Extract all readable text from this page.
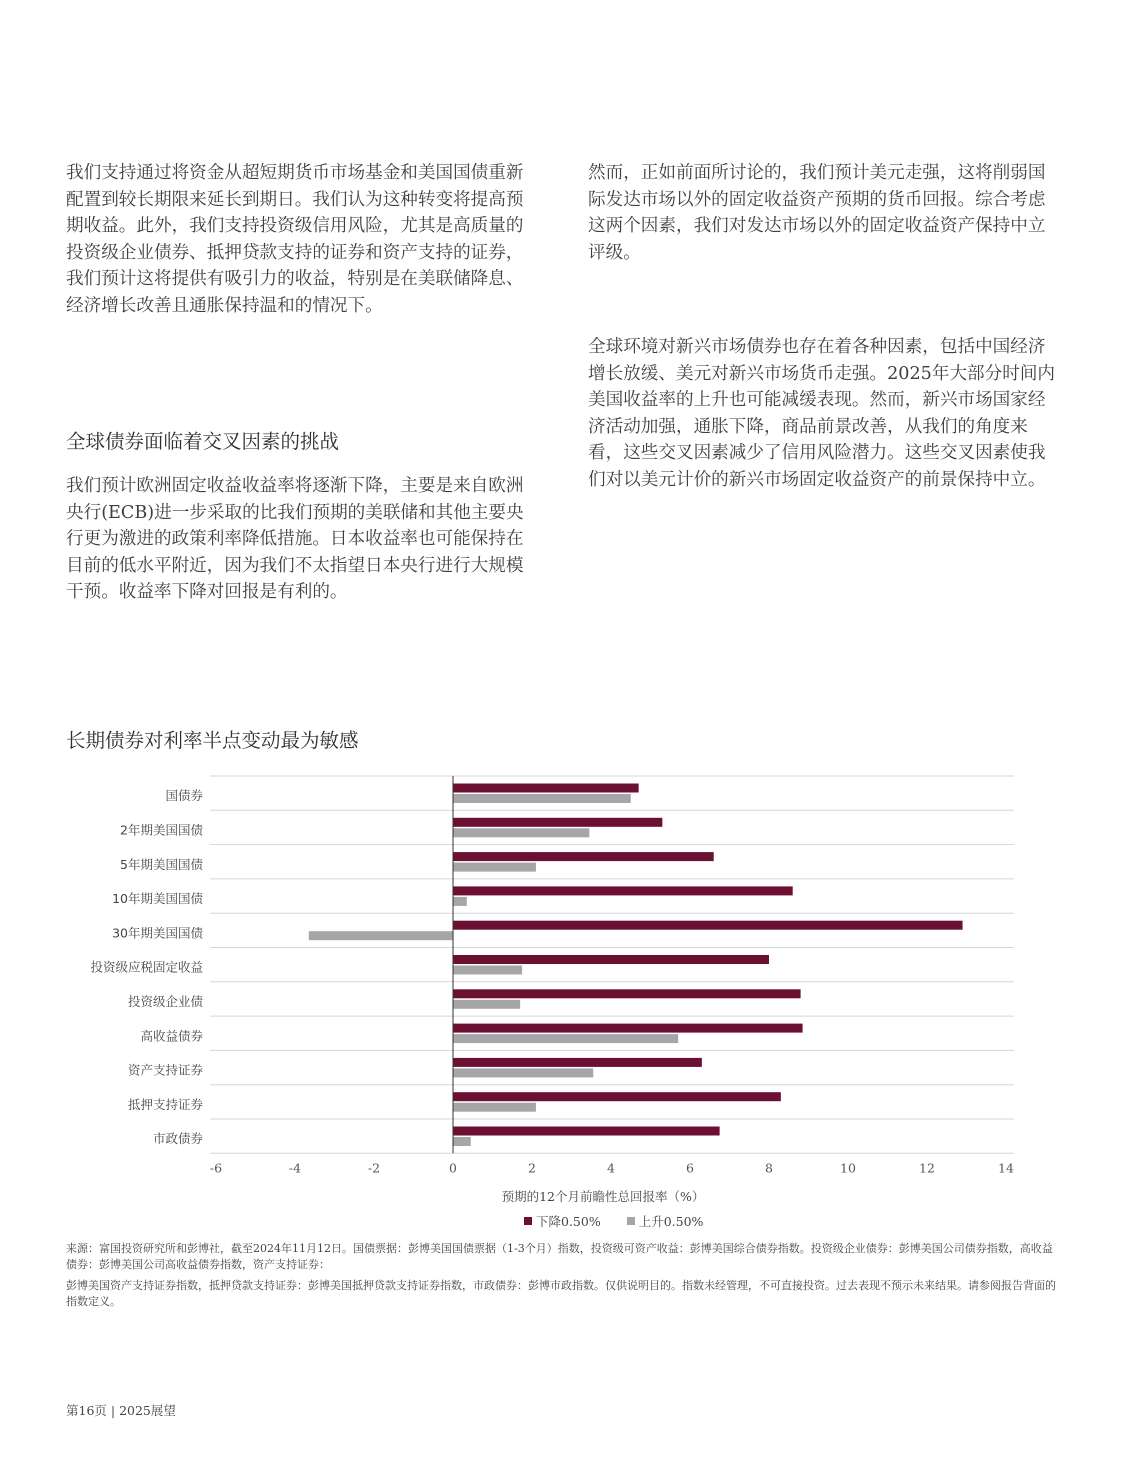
我们支持通过将资金从超短期货币市场基金和美国国债重新配置到较长期限来延长到期日。我们认为这种转变将提高预期收益。此外，我们支持投资级信用风险，尤其是高质量的投资级企业债券、抵押贷款支持的证券和资产支持的证券，我们预计这将提供有吸引力的收益，特别是在美联储降息、经济增长改善且通胀保持温和的情况下。

全球债券面临着交叉因素的挑战

我们预计欧洲固定收益收益率将逐渐下降，主要是来自欧洲央行(ECB)进一步采取的比我们预期的美联储和其他主要央行更为激进的政策利率降低措施。日本收益率也可能保持在目前的低水平附近，因为我们不太指望日本央行进行大规模干预。收益率下降对回报是有利的。

然而，正如前面所讨论的，我们预计美元走强，这将削弱国际发达市场以外的固定收益资产预期的货币回报。综合考虑这两个因素，我们对发达市场以外的固定收益资产保持中立评级。

全球环境对新兴市场债券也存在着各种因素，包括中国经济增长放缓、美元对新兴市场货币走强。2025年大部分时间内美国收益率的上升也可能减缓表现。然而，新兴市场国家经济活动加强，通胀下降，商品前景改善，从我们的角度来看，这些交叉因素减少了信用风险潜力。这些交叉因素使我们对以美元计价的新兴市场固定收益资产的前景保持中立。

长期债券对利率半点变动最为敏感
国债券
2年期美国国债
5年期美国国债
10年期美国国债
30年期美国国债
投资级应税固定收益
投资级企业债
高收益债券
资产支持证券
抵押支持证券
市政债券
-6	-4	-2	0	2	4	6	8	10	12	14
预期的12个月前瞻性总回报率（%）
下降0.50%	上升0.50%
来源：富国投资研究所和彭博社，截至2024年11月12日。国债票据：彭博美国国债票据（1-3个月）指数，投资级可资产收益：彭博美国综合债券指数。投资级企业债券：彭博美国公司债券指数，高收益债券：彭博美国公司高收益债券指数，资产支持证券：
彭博美国资产支持证券指数，抵押贷款支持证券：彭博美国抵押贷款支持证券指数，市政债券：彭博市政指数。仅供说明目的。指数未经管理，不可直接投资。过去表现不预示未来结果。请参阅报告背面的指数定义。
第16页 | 2025展望
